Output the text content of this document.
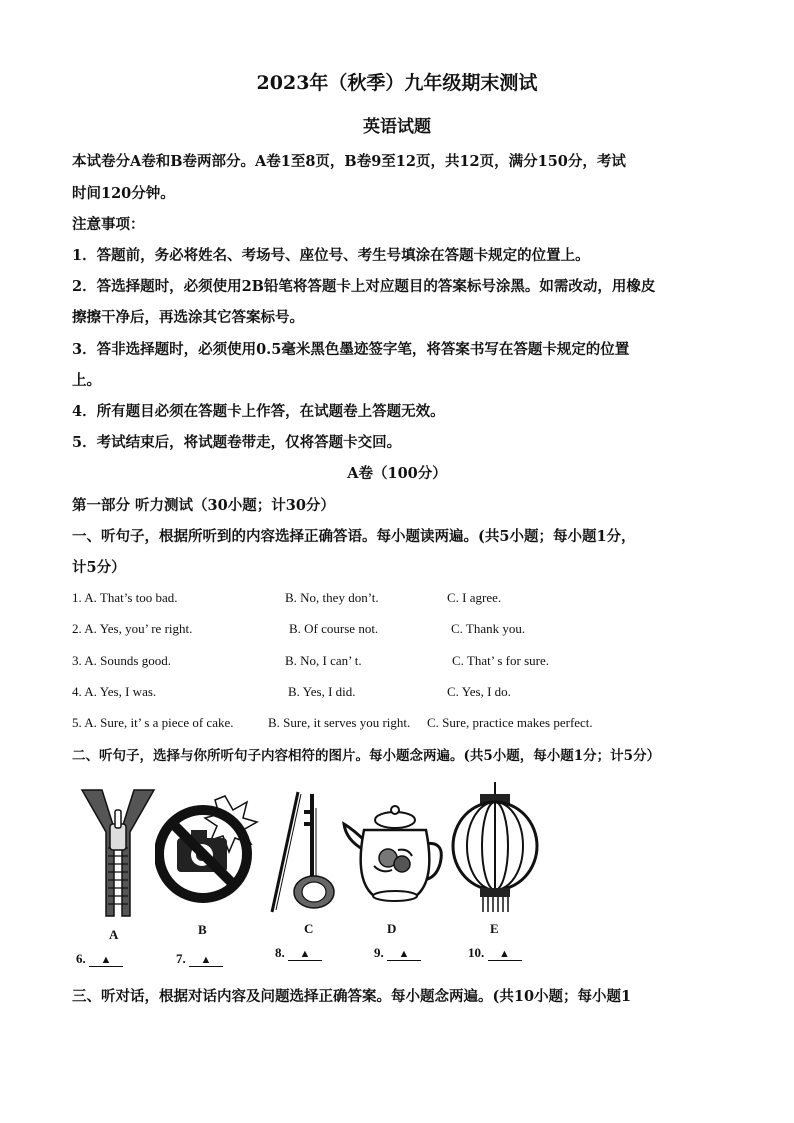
2023年（秋季）九年级期末测试
英语试题
本试卷分A卷和B卷两部分。A卷1至8页，B卷9至12页，共12页，满分150分，考试
时间120分钟。
注意事项：
1．答题前，务必将姓名、考场号、座位号、考生号填涂在答题卡规定的位置上。
2．答选择题时，必须使用2B铅笔将答题卡上对应题目的答案标号涂黑。如需改动，用橡皮
擦擦干净后，再选涂其它答案标号。
3．答非选择题时，必须使用0.5毫米黑色墨迹签字笔，将答案书写在答题卡规定的位置
上。
4．所有题目必须在答题卡上作答，在试题卷上答题无效。
5．考试结束后，将试题卷带走，仅将答题卡交回。
A卷（100分）
第一部分 听力测试（30小题；计30分）
一、听句子，根据所听到的内容选择正确答语。每小题读两遍。(共5小题；每小题1分，
计5分）
1. A. That’s too bad.	B. No, they don’t.	C. I agree.
2. A. Yes, you’ re right.	B. Of course not.	C. Thank you.
3. A. Sounds good.	B. No, I can’ t.	C. That’ s for sure.
4. A. Yes, I was.	B. Yes, I did.	C. Yes, I do.
5. A. Sure, it’ s a piece of cake.	B. Sure, it serves you right. C. Sure, practice makes perfect.
二、听句子，选择与你所听句子内容相符的图片。每小题念两遍。(共5小题，每小题1分；计5分）
A	B	C	D	E
6. ▲	7. ▲	8. ▲	9. ▲	10. ▲
三、听对话，根据对话内容及问题选择正确答案。每小题念两遍。(共10小题；每小题1
